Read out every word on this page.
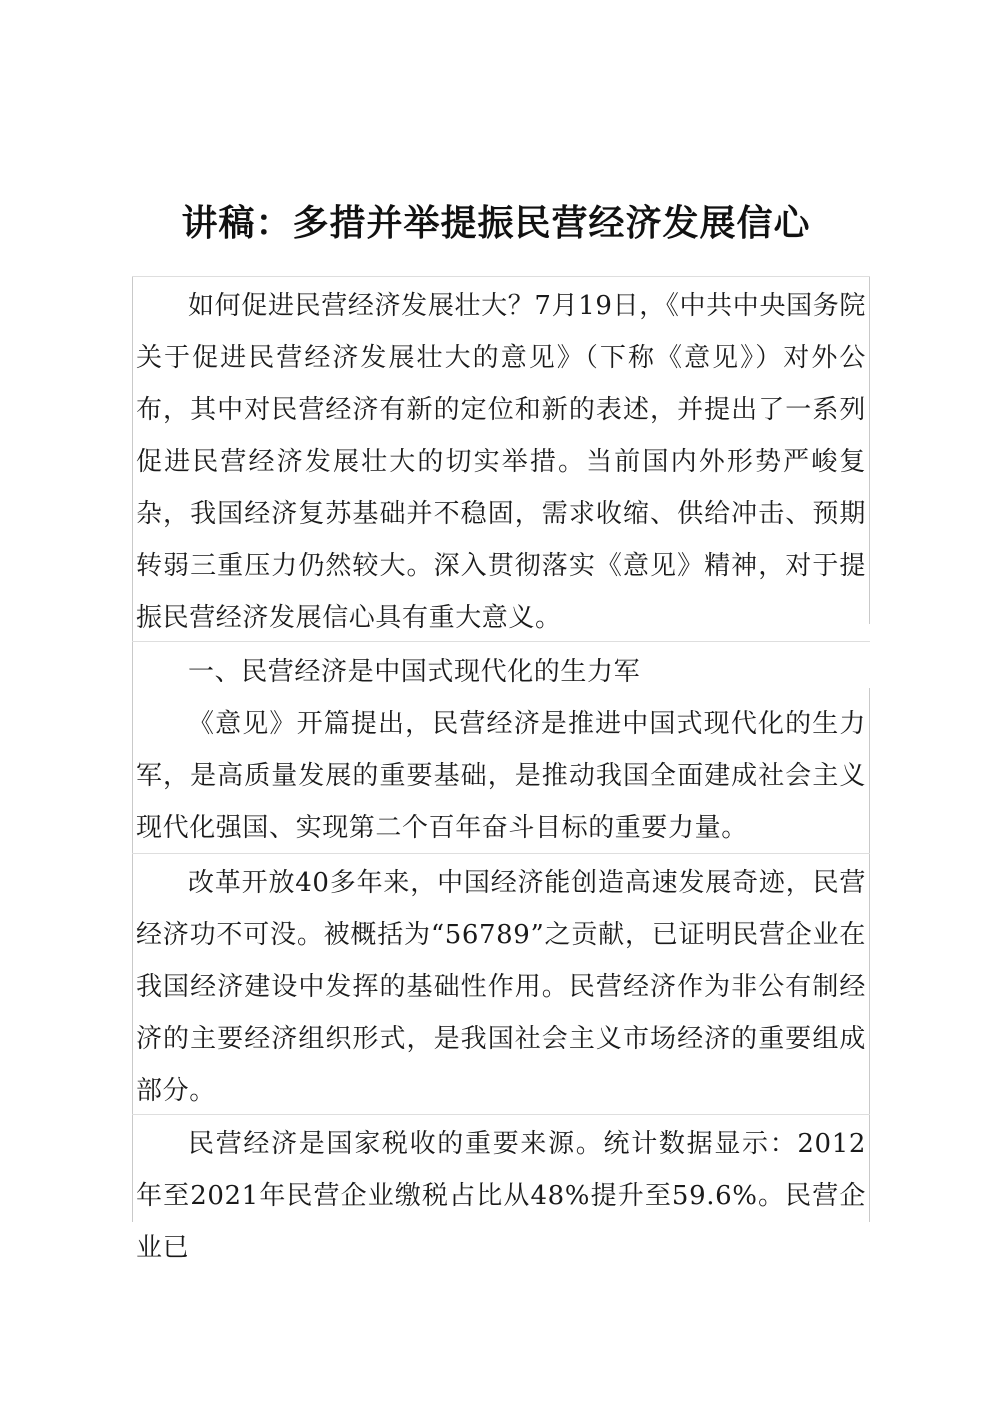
讲稿：多措并举提振民营经济发展信心

如何促进民营经济发展壮大？7月19日，《中共中央国务院关于促进民营经济发展壮大的意见》（下称《意见》）对外公布，其中对民营经济有新的定位和新的表述，并提出了一系列促进民营经济发展壮大的切实举措。当前国内外形势严峻复杂，我国经济复苏基础并不稳固，需求收缩、供给冲击、预期转弱三重压力仍然较大。深入贯彻落实《意见》精神，对于提振民营经济发展信心具有重大意义。

一、民营经济是中国式现代化的生力军

《意见》开篇提出，民营经济是推进中国式现代化的生力军，是高质量发展的重要基础，是推动我国全面建成社会主义现代化强国、实现第二个百年奋斗目标的重要力量。

改革开放40多年来，中国经济能创造高速发展奇迹，民营经济功不可没。被概括为“56789”之贡献，已证明民营企业在我国经济建设中发挥的基础性作用。民营经济作为非公有制经济的主要经济组织形式，是我国社会主义市场经济的重要组成部分。

民营经济是国家税收的重要来源。统计数据显示：2012年至2021年民营企业缴税占比从48%提升至59.6%。民营企业已
